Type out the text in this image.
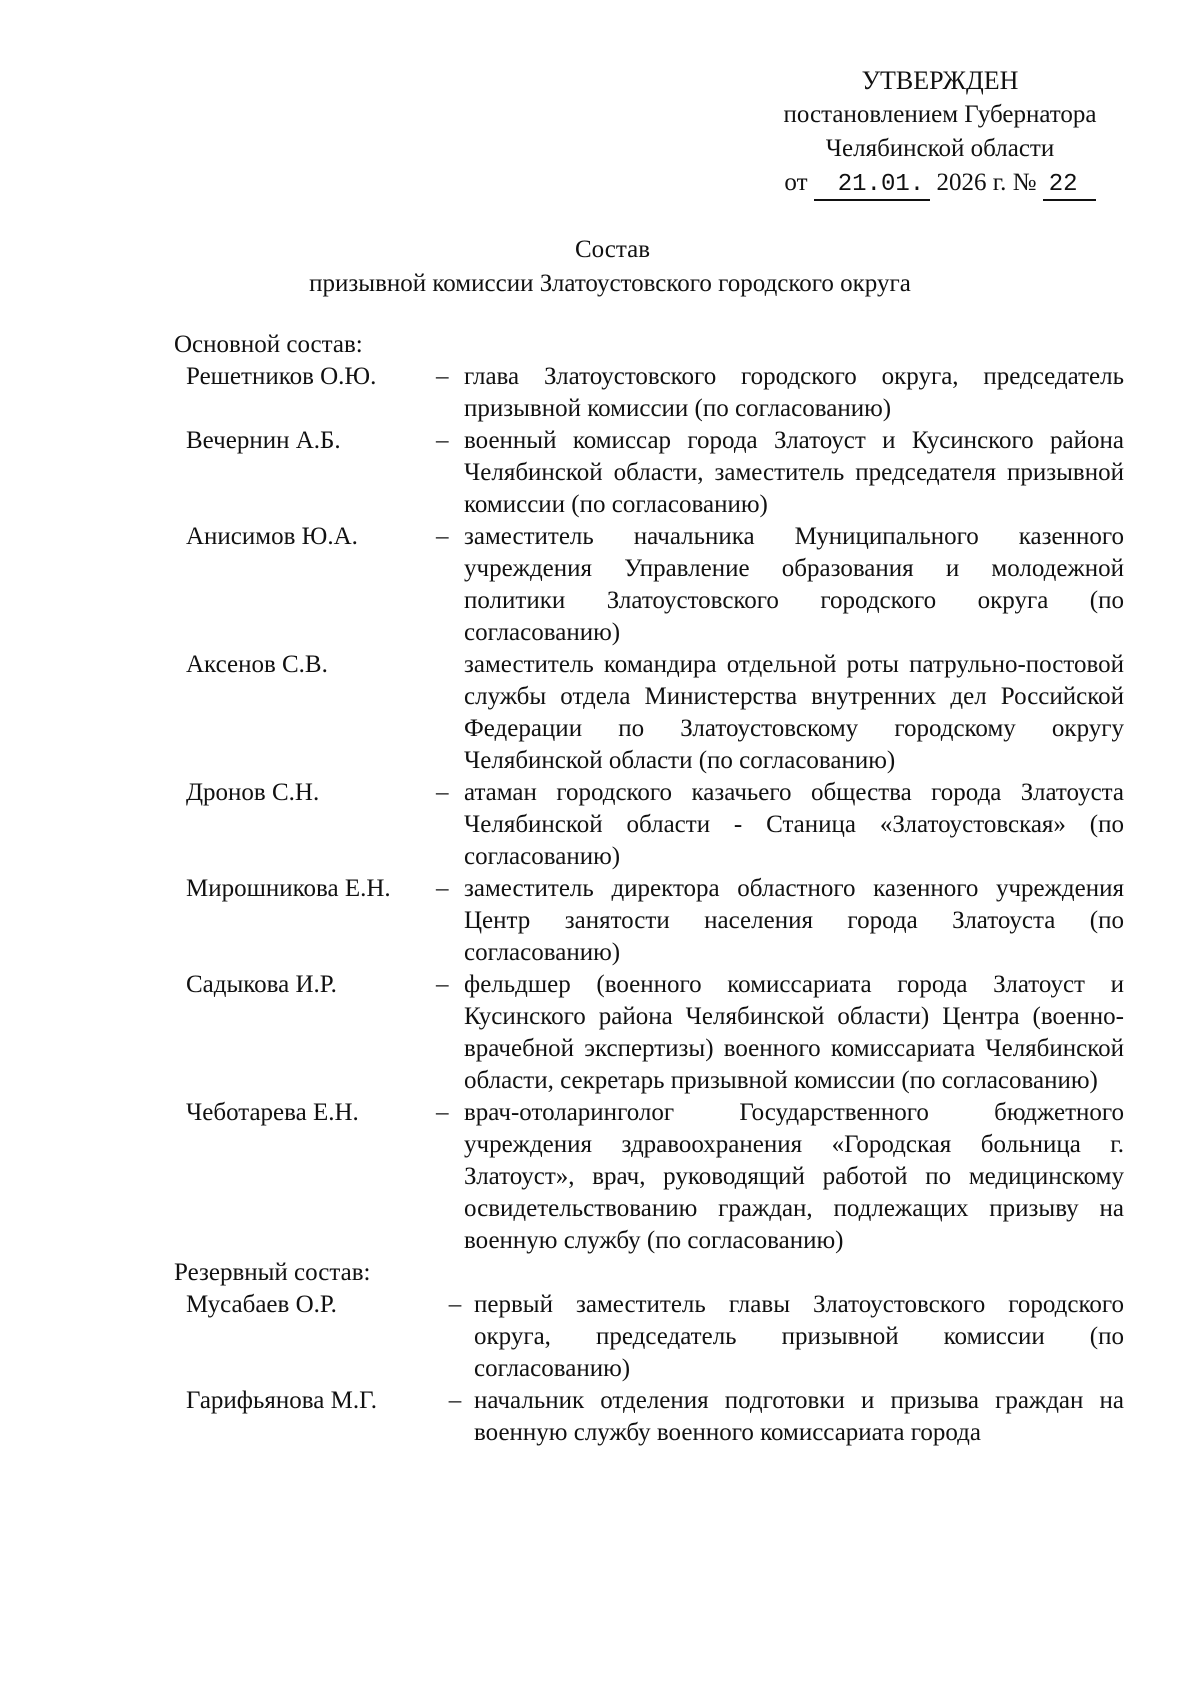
УТВЕРЖДЕН
постановлением Губернатора
Челябинской области
от 21.01. 2026 г. № 22
Состав
призывной комиссии Златоустовского городского округа
Основной состав:
Решетников О.Ю.	– глава Златоустовского городского округа, председатель призывной комиссии (по согласованию)
Вечернин А.Б.	– военный комиссар города Златоуст и Кусинского района Челябинской области, заместитель председателя призывной комиссии (по согласованию)
Анисимов Ю.А.	– заместитель начальника Муниципального казенного учреждения Управление образования и молодежной политики Златоустовского городского округа (по согласованию)
Аксенов С.В.	заместитель командира отдельной роты патрульно-постовой службы отдела Министерства внутренних дел Российской Федерации по Златоустовскому городскому округу Челябинской области (по согласованию)
Дронов С.Н.	– атаман городского казачьего общества города Златоуста Челябинской области - Станица «Златоустовская» (по согласованию)
Мирошникова Е.Н.	– заместитель директора областного казенного учреждения Центр занятости населения города Златоуста (по согласованию)
Садыкова И.Р.	– фельдшер (военного комиссариата города Златоуст и Кусинского района Челябинской области) Центра (военно-врачебной экспертизы) военного комиссариата Челябинской области, секретарь призывной комиссии (по согласованию)
Чеботарева Е.Н.	– врач-отоларинголог Государственного бюджетного учреждения здравоохранения «Городская больница г. Златоуст», врач, руководящий работой по медицинскому освидетельствованию граждан, подлежащих призыву на военную службу (по согласованию)
Резервный состав:
Мусабаев О.Р.	– первый заместитель главы Златоустовского городского округа, председатель призывной комиссии (по согласованию)
Гарифьянова М.Г.	– начальник отделения подготовки и призыва граждан на военную службу военного комиссариата города
